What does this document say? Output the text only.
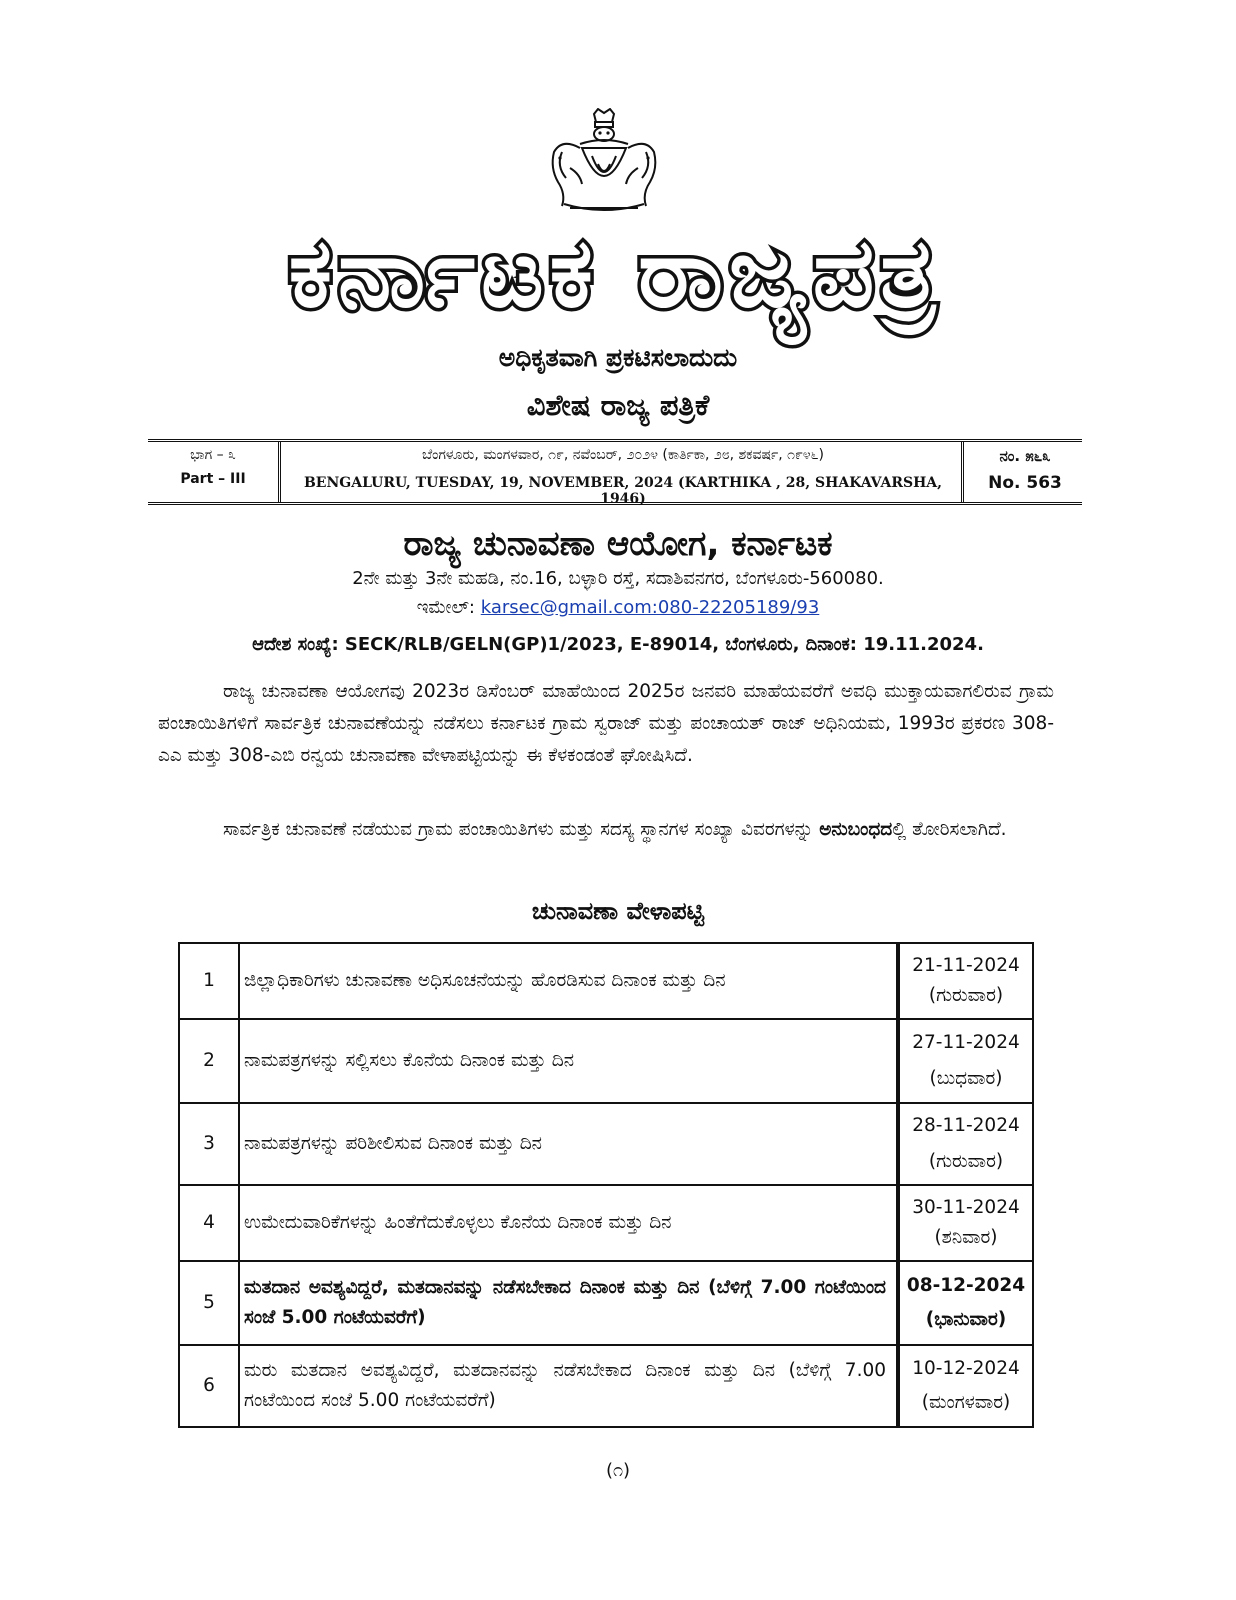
ಕರ್ನಾಟಕ ರಾಜ್ಯಪತ್ರ
ಅಧಿಕೃತವಾಗಿ ಪ್ರಕಟಿಸಲಾದುದು
ವಿಶೇಷ ರಾಜ್ಯ ಪತ್ರಿಕೆ
ಭಾಗ – ೩
Part – III
ಬೆಂಗಳೂರು, ಮಂಗಳವಾರ, ೧೯, ನವೆಂಬರ್, ೨೦೨೪ (ಕಾರ್ತಿಕಾ, ೨೮, ಶಕವರ್ಷ, ೧೯೪೬)
BENGALURU, TUESDAY, 19, NOVEMBER, 2024 (KARTHIKA , 28, SHAKAVARSHA, 1946)
ನಂ. ೫೬೩
No. 563
ರಾಜ್ಯ ಚುನಾವಣಾ ಆಯೋಗ, ಕರ್ನಾಟಕ
2ನೇ ಮತ್ತು 3ನೇ ಮಹಡಿ, ನಂ.16, ಬಳ್ಳಾರಿ ರಸ್ತೆ, ಸದಾಶಿವನಗರ, ಬೆಂಗಳೂರು-560080.
ಇಮೇಲ್: karsec@gmail.com:080-22205189/93
ಆದೇಶ ಸಂಖ್ಯೆ: SECK/RLB/GELN(GP)1/2023, E-89014, ಬೆಂಗಳೂರು, ದಿನಾಂಕ: 19.11.2024.
ರಾಜ್ಯ ಚುನಾವಣಾ ಆಯೋಗವು 2023ರ ಡಿಸೆಂಬರ್ ಮಾಹೆಯಿಂದ 2025ರ ಜನವರಿ ಮಾಹೆಯವರೆಗೆ ಅವಧಿ ಮುಕ್ತಾಯವಾಗಲಿರುವ ಗ್ರಾಮ ಪಂಚಾಯಿತಿಗಳಿಗೆ ಸಾರ್ವತ್ರಿಕ ಚುನಾವಣೆಯನ್ನು ನಡೆಸಲು ಕರ್ನಾಟಕ ಗ್ರಾಮ ಸ್ವರಾಜ್ ಮತ್ತು ಪಂಚಾಯತ್ ರಾಜ್ ಅಧಿನಿಯಮ, 1993ರ ಪ್ರಕರಣ 308-ಎಎ ಮತ್ತು 308-ಎಬಿ ರನ್ವಯ ಚುನಾವಣಾ ವೇಳಾಪಟ್ಟಿಯನ್ನು ಈ ಕೆಳಕಂಡಂತೆ ಘೋಷಿಸಿದೆ.
ಸಾರ್ವತ್ರಿಕ ಚುನಾವಣೆ ನಡೆಯುವ ಗ್ರಾಮ ಪಂಚಾಯಿತಿಗಳು ಮತ್ತು ಸದಸ್ಯ ಸ್ಥಾನಗಳ ಸಂಖ್ಯಾ ವಿವರಗಳನ್ನು ಅನುಬಂಧದಲ್ಲಿ ತೋರಿಸಲಾಗಿದೆ.
ಚುನಾವಣಾ ವೇಳಾಪಟ್ಟಿ
1	ಜಿಲ್ಲಾಧಿಕಾರಿಗಳು ಚುನಾವಣಾ ಅಧಿಸೂಚನೆಯನ್ನು ಹೊರಡಿಸುವ ದಿನಾಂಕ ಮತ್ತು ದಿನ	21-11-2024
(ಗುರುವಾರ)

2	ನಾಮಪತ್ರಗಳನ್ನು ಸಲ್ಲಿಸಲು ಕೊನೆಯ ದಿನಾಂಕ ಮತ್ತು ದಿನ	27-11-2024
(ಬುಧವಾರ)

3	ನಾಮಪತ್ರಗಳನ್ನು ಪರಿಶೀಲಿಸುವ ದಿನಾಂಕ ಮತ್ತು ದಿನ	28-11-2024
(ಗುರುವಾರ)

4	ಉಮೇದುವಾರಿಕೆಗಳನ್ನು ಹಿಂತೆಗೆದುಕೊಳ್ಳಲು ಕೊನೆಯ ದಿನಾಂಕ ಮತ್ತು ದಿನ	30-11-2024
(ಶನಿವಾರ)

5	ಮತದಾನ ಅವಶ್ಯವಿದ್ದರೆ, ಮತದಾನವನ್ನು ನಡೆಸಬೇಕಾದ ದಿನಾಂಕ ಮತ್ತು ದಿನ (ಬೆಳಿಗ್ಗೆ 7.00 ಗಂಟೆಯಿಂದ ಸಂಜೆ 5.00 ಗಂಟೆಯವರೆಗೆ)	08-12-2024
(ಭಾನುವಾರ)

6	ಮರು ಮತದಾನ ಅವಶ್ಯವಿದ್ದರೆ, ಮತದಾನವನ್ನು ನಡೆಸಬೇಕಾದ ದಿನಾಂಕ ಮತ್ತು ದಿನ (ಬೆಳಿಗ್ಗೆ 7.00 ಗಂಟೆಯಿಂದ ಸಂಜೆ 5.00 ಗಂಟೆಯವರೆಗೆ)	10-12-2024
(ಮಂಗಳವಾರ)
(೧)
